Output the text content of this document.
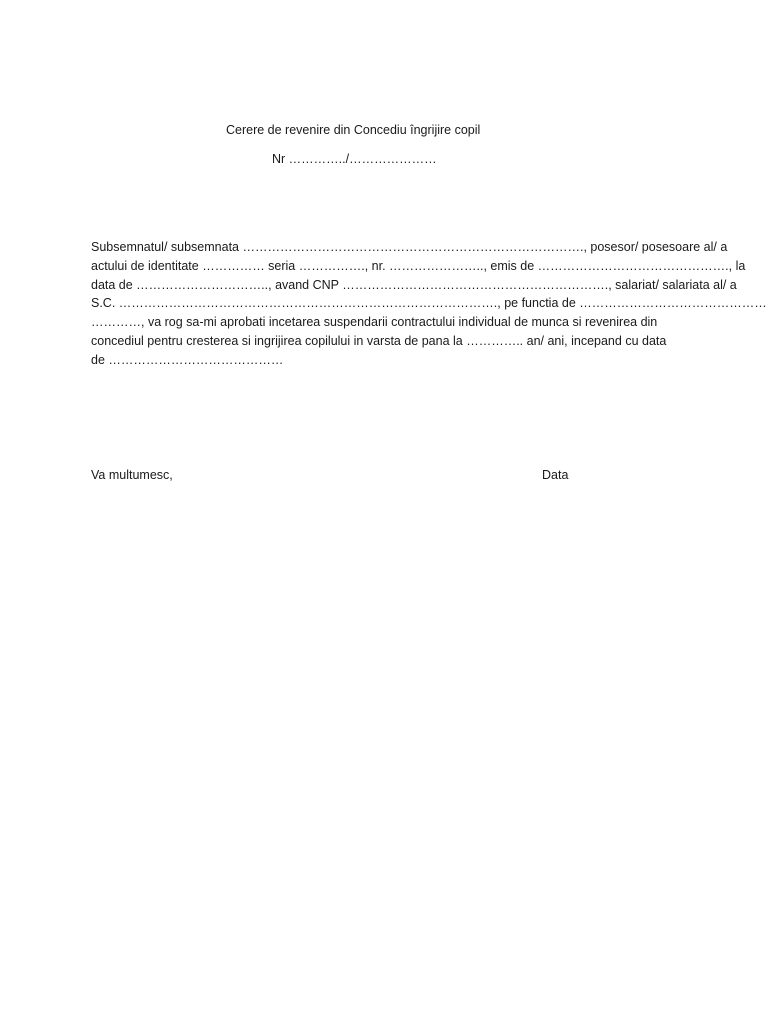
Cerere de revenire din Concediu îngrijire copil
Nr …………../…………………
Subsemnatul/ subsemnata ………………………………………………………………………., posesor/ posesoare al/ a
actului de identitate …………… seria ……………., nr. ………………….., emis de ………………………………………., la
data de ………………………….., avand CNP ………………………………………………………., salariat/ salariata al/ a
S.C. ………………………………………………………………………………., pe functia de ………………………………………
…………, va rog sa-mi aprobati incetarea suspendarii contractului individual de munca si revenirea din
concediul pentru cresterea si ingrijirea copilului in varsta de pana la ………….. an/ ani, incepand cu data
de ……………………………………
Va multumesc,	Data
